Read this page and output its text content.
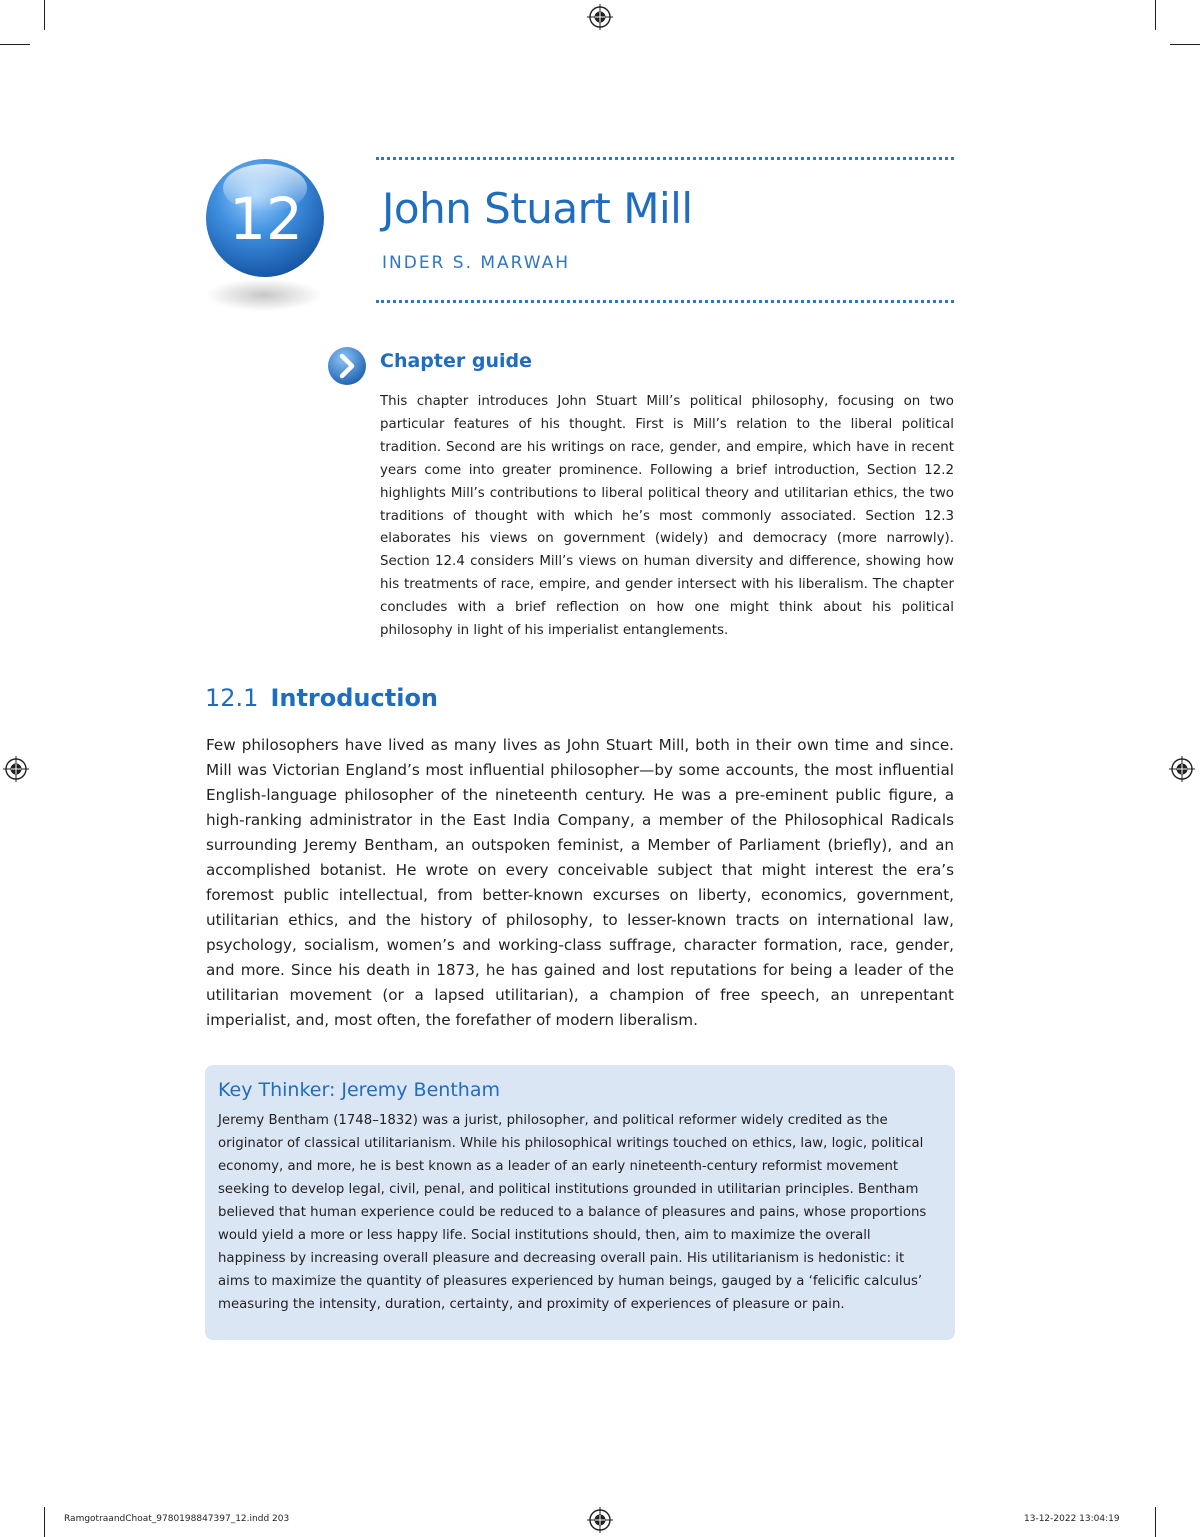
12 John Stuart Mill
INDER S. MARWAH
Chapter guide

This chapter introduces John Stuart Mill’s political philosophy, focusing on two particular features of his thought. First is Mill’s relation to the liberal political tradition. Second are his writings on race, gender, and empire, which have in recent years come into greater prominence. Following a brief introduction, Section 12.2 highlights Mill’s contributions to liberal political theory and utilitarian ethics, the two traditions of thought with which he’s most commonly associated. Section 12.3 elaborates his views on government (widely) and democracy (more narrowly). Section 12.4 considers Mill’s views on human diversity and difference, showing how his treatments of race, empire, and gender intersect with his liberalism. The chapter concludes with a brief reflection on how one might think about his political philosophy in light of his imperialist entanglements.

12.1 Introduction

Few philosophers have lived as many lives as John Stuart Mill, both in their own time and since. Mill was Victorian England’s most influential philosopher—by some accounts, the most influential English-language philosopher of the nineteenth century. He was a pre-eminent public figure, a high-ranking administrator in the East India Company, a member of the Philosophical Radicals surrounding Jeremy Bentham, an outspoken feminist, a Member of Parliament (briefly), and an accomplished botanist. He wrote on every conceivable subject that might interest the era’s foremost public intellectual, from better-known excurses on liberty, economics, government, utilitarian ethics, and the history of philosophy, to lesser-known tracts on international law, psychology, socialism, women’s and working-class suffrage, character formation, race, gender, and more. Since his death in 1873, he has gained and lost reputations for being a leader of the utilitarian movement (or a lapsed utilitarian), a champion of free speech, an unrepentant imperialist, and, most often, the forefather of modern liberalism.

Key Thinker: Jeremy Bentham

Jeremy Bentham (1748–1832) was a jurist, philosopher, and political reformer widely credited as the originator of classical utilitarianism. While his philosophical writings touched on ethics, law, logic, political economy, and more, he is best known as a leader of an early nineteenth-century reformist movement seeking to develop legal, civil, penal, and political institutions grounded in utilitarian principles. Bentham believed that human experience could be reduced to a balance of pleasures and pains, whose proportions would yield a more or less happy life. Social institutions should, then, aim to maximize the overall happiness by increasing overall pleasure and decreasing overall pain. His utilitarianism is hedonistic: it aims to maximize the quantity of pleasures experienced by human beings, gauged by a ‘felicific calculus’ measuring the intensity, duration, certainty, and proximity of experiences of pleasure or pain.

RamgotraandChoat_9780198847397_12.indd 203	13-12-2022 13:04:19
